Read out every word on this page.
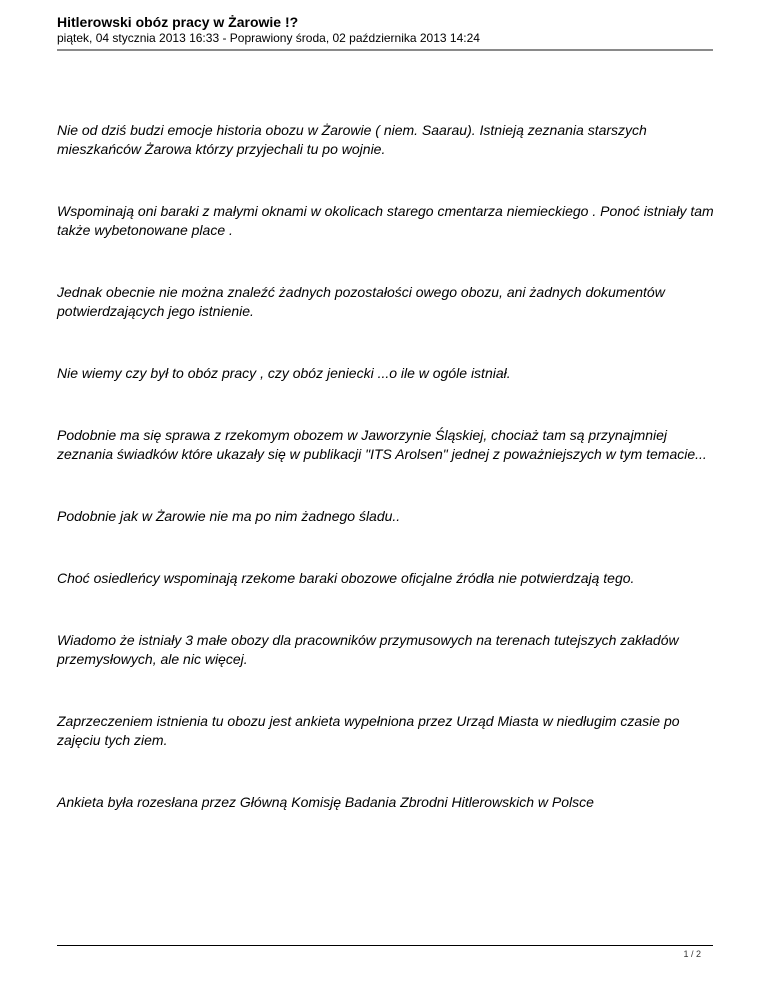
Hitlerowski obóz pracy w Żarowie !?

piątek, 04 stycznia 2013 16:33 - Poprawiony środa, 02 października 2013 14:24

Nie od dziś budzi emocje historia obozu w Żarowie ( niem. Saarau). Istnieją zeznania starszych mieszkańców Żarowa którzy przyjechali tu po wojnie.

Wspominają oni baraki z małymi oknami w okolicach starego cmentarza niemieckiego . Ponoć istniały tam także wybetonowane place .

Jednak obecnie nie można znaleźć żadnych pozostałości owego obozu, ani żadnych dokumentów potwierdzających jego istnienie.

Nie wiemy czy był to obóz pracy , czy obóz jeniecki ...o ile w ogóle istniał.

Podobnie ma się sprawa z rzekomym obozem w Jaworzynie Śląskiej, chociaż tam są przynajmniej zeznania świadków które ukazały się w publikacji "ITS Arolsen" jednej z poważniejszych w tym temacie...

Podobnie jak w Żarowie nie ma po nim żadnego śladu..

Choć osiedleńcy wspominają rzekome baraki obozowe oficjalne źródła nie potwierdzają tego.

Wiadomo że istniały 3 małe obozy dla pracowników przymusowych na terenach tutejszych zakładów przemysłowych, ale nic więcej.

Zaprzeczeniem istnienia tu obozu jest ankieta wypełniona przez Urząd Miasta w niedługim czasie po zajęciu tych ziem.

Ankieta była rozesłana przez Główną Komisję Badania Zbrodni Hitlerowskich w Polsce

1 / 2
